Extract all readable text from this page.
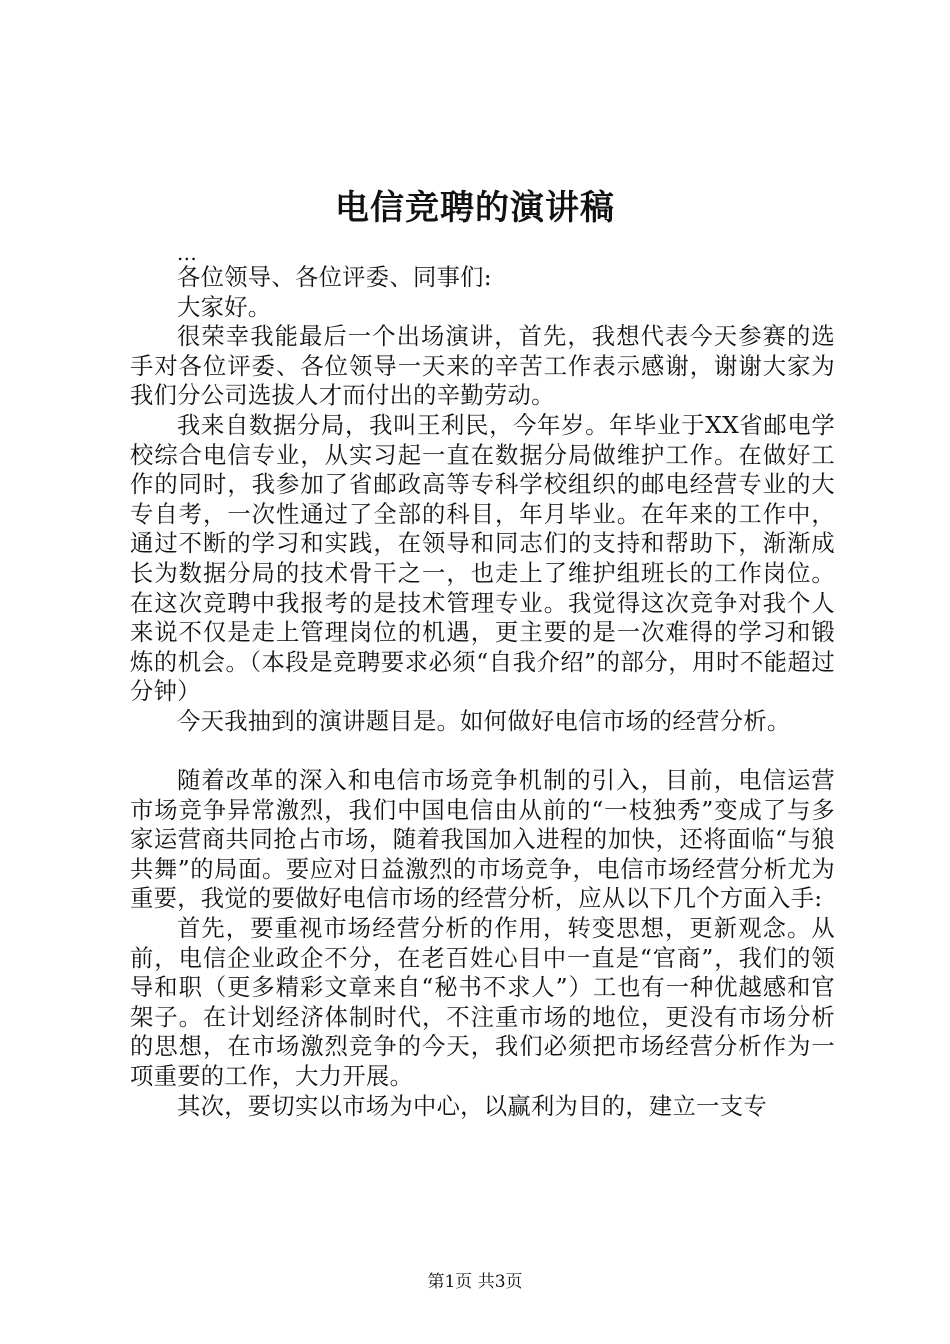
电信竞聘的演讲稿

...

各位领导、各位评委、同事们:

大家好。

很荣幸我能最后一个出场演讲，首先，我想代表今天参赛的选手对各位评委、各位领导一天来的辛苦工作表示感谢，谢谢大家为我们分公司选拔人才而付出的辛勤劳动。

我来自数据分局，我叫王利民，今年岁。年毕业于XX省邮电学校综合电信专业，从实习起一直在数据分局做维护工作。在做好工作的同时，我参加了省邮政高等专科学校组织的邮电经营专业的大专自考，一次性通过了全部的科目，年月毕业。在年来的工作中，通过不断的学习和实践，在领导和同志们的支持和帮助下，渐渐成长为数据分局的技术骨干之一，也走上了维护组班长的工作岗位。在这次竞聘中我报考的是技术管理专业。我觉得这次竞争对我个人来说不仅是走上管理岗位的机遇，更主要的是一次难得的学习和锻炼的机会。（本段是竞聘要求必须“自我介绍”的部分，用时不能超过分钟）

今天我抽到的演讲题目是。如何做好电信市场的经营分析。

随着改革的深入和电信市场竞争机制的引入，目前，电信运营市场竞争异常激烈，我们中国电信由从前的“一枝独秀”变成了与多家运营商共同抢占市场，随着我国加入进程的加快，还将面临“与狼共舞”的局面。要应对日益激烈的市场竞争，电信市场经营分析尤为重要，我觉的要做好电信市场的经营分析，应从以下几个方面入手:

首先，要重视市场经营分析的作用，转变思想，更新观念。从前，电信企业政企不分，在老百姓心目中一直是“官商”，我们的领导和职（更多精彩文章来自“秘书不求人”）工也有一种优越感和官架子。在计划经济体制时代，不注重市场的地位，更没有市场分析的思想，在市场激烈竞争的今天，我们必须把市场经营分析作为一项重要的工作，大力开展。

其次，要切实以市场为中心，以赢利为目的，建立一支专

第1页 共3页
